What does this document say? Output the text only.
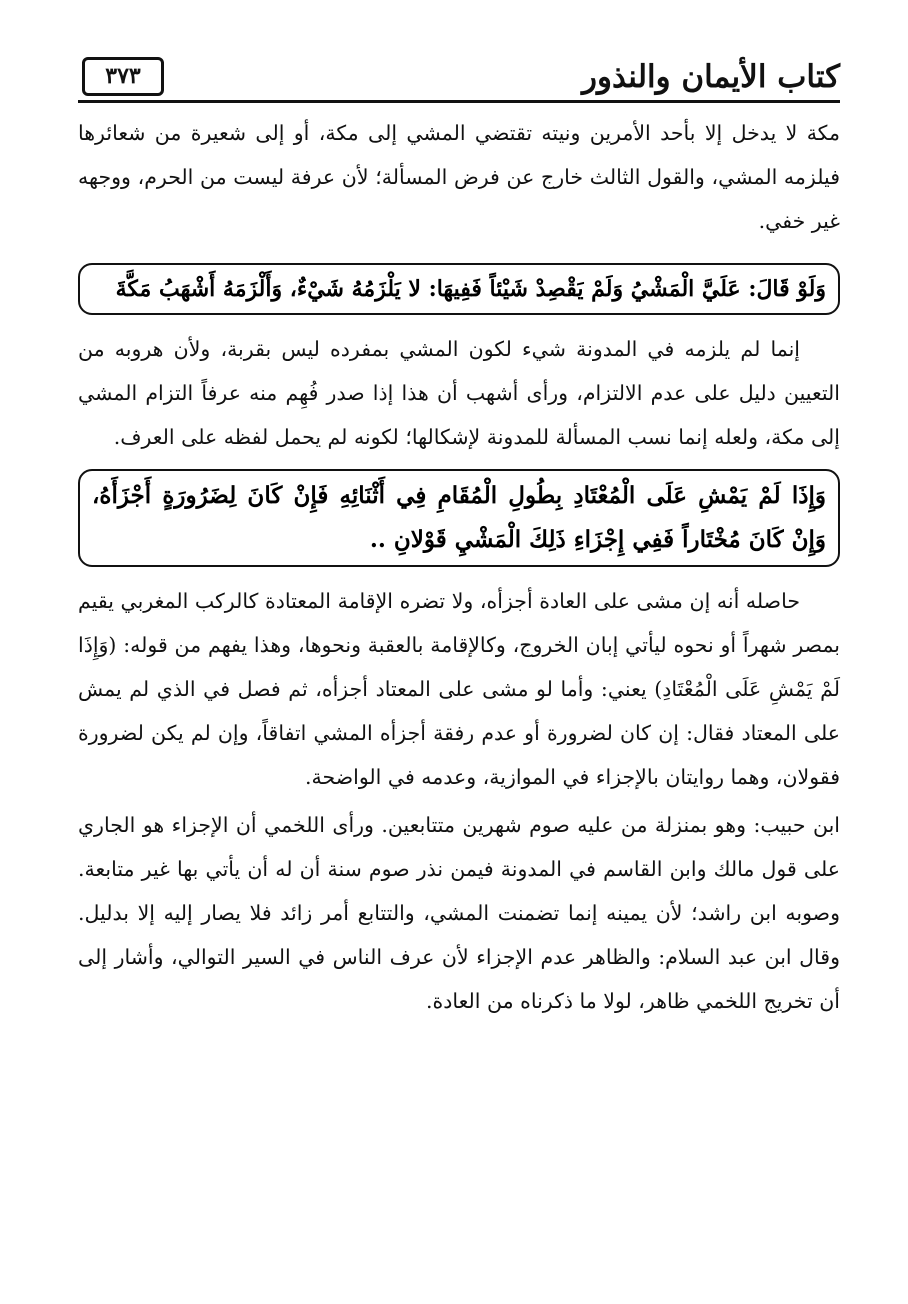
كتاب الأيمان والنذور
٣٧٣

مكة لا يدخل إلا بأحد الأمرين ونيته تقتضي المشي إلى مكة، أو إلى شعيرة من شعائرها فيلزمه المشي، والقول الثالث خارج عن فرض المسألة؛ لأن عرفة ليست من الحرم، ووجهه غير خفي.

وَلَوْ قَالَ: عَلَيَّ الْمَشْيُ وَلَمْ يَقْصِدْ شَيْئاً فَفِيهَا: لا يَلْزَمُهُ شَيْءٌ، وَأَلْزَمَهُ أَشْهَبُ مَكَّةَ

إنما لم يلزمه في المدونة شيء لكون المشي بمفرده ليس بقربة، ولأن هروبه من التعيين دليل على عدم الالتزام، ورأى أشهب أن هذا إذا صدر فُهِم منه عرفاً التزام المشي إلى مكة، ولعله إنما نسب المسألة للمدونة لإشكالها؛ لكونه لم يحمل لفظه على العرف.

وَإِذَا لَمْ يَمْشِ عَلَى الْمُعْتَادِ بِطُولِ الْمُقَامِ فِي أَثْنَائِهِ فَإِنْ كَانَ لِضَرُورَةٍ أَجْزَأَهُ، وَإِنْ كَانَ مُخْتَاراً فَفِي إِجْزَاءِ ذَلِكَ الْمَشْيِ قَوْلانِ ..

حاصله أنه إن مشى على العادة أجزأه، ولا تضره الإقامة المعتادة كالركب المغربي يقيم بمصر شهراً أو نحوه ليأتي إبان الخروج، وكالإقامة بالعقبة ونحوها، وهذا يفهم من قوله: (وَإِذَا لَمْ يَمْشِ عَلَى الْمُعْتَادِ) يعني: وأما لو مشى على المعتاد أجزأه، ثم فصل في الذي لم يمش على المعتاد فقال: إن كان لضرورة أو عدم رفقة أجزأه المشي اتفاقاً، وإن لم يكن لضرورة فقولان، وهما روايتان بالإجزاء في الموازية، وعدمه في الواضحة.

ابن حبيب: وهو بمنزلة من عليه صوم شهرين متتابعين. ورأى اللخمي أن الإجزاء هو الجاري على قول مالك وابن القاسم في المدونة فيمن نذر صوم سنة أن له أن يأتي بها غير متابعة. وصوبه ابن راشد؛ لأن يمينه إنما تضمنت المشي، والتتابع أمر زائد فلا يصار إليه إلا بدليل. وقال ابن عبد السلام: والظاهر عدم الإجزاء لأن عرف الناس في السير التوالي، وأشار إلى أن تخريج اللخمي ظاهر، لولا ما ذكرناه من العادة.
